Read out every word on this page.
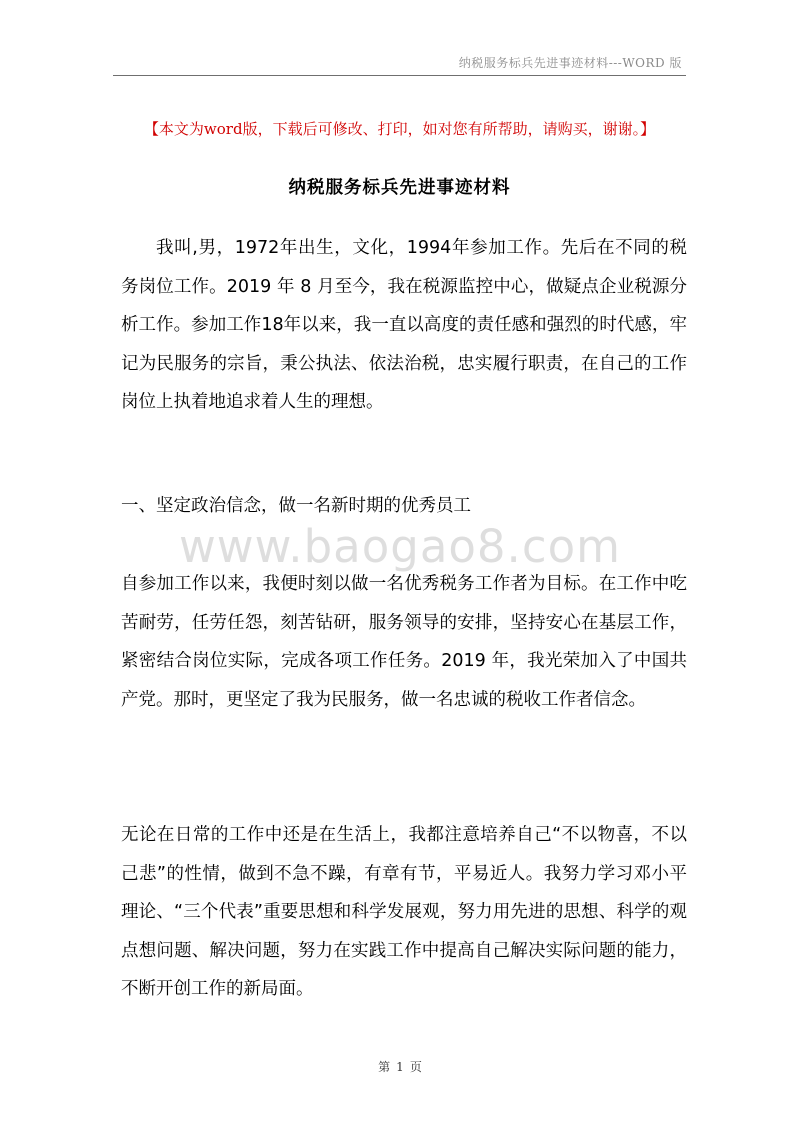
纳税服务标兵先进事迹材料---WORD 版
【本文为word版，下载后可修改、打印，如对您有所帮助，请购买，谢谢。】
纳税服务标兵先进事迹材料

我叫,男，1972年出生，文化，1994年参加工作。先后在不同的税务岗位工作。2019 年 8 月至今，我在税源监控中心，做疑点企业税源分析工作。参加工作18年以来，我一直以高度的责任感和强烈的时代感，牢记为民服务的宗旨，秉公执法、依法治税，忠实履行职责，在自己的工作岗位上执着地追求着人生的理想。

一、坚定政治信念，做一名新时期的优秀员工

自参加工作以来，我便时刻以做一名优秀税务工作者为目标。在工作中吃苦耐劳，任劳任怨，刻苦钻研，服务领导的安排，坚持安心在基层工作，紧密结合岗位实际，完成各项工作任务。2019 年，我光荣加入了中国共产党。那时，更坚定了我为民服务，做一名忠诚的税收工作者信念。

无论在日常的工作中还是在生活上，我都注意培养自己“不以物喜，不以己悲”的性情，做到不急不躁，有章有节，平易近人。我努力学习邓小平理论、“三个代表”重要思想和科学发展观，努力用先进的思想、科学的观点想问题、解决问题，努力在实践工作中提高自己解决实际问题的能力，不断开创工作的新局面。

www.baogao8.com
第 1 页
